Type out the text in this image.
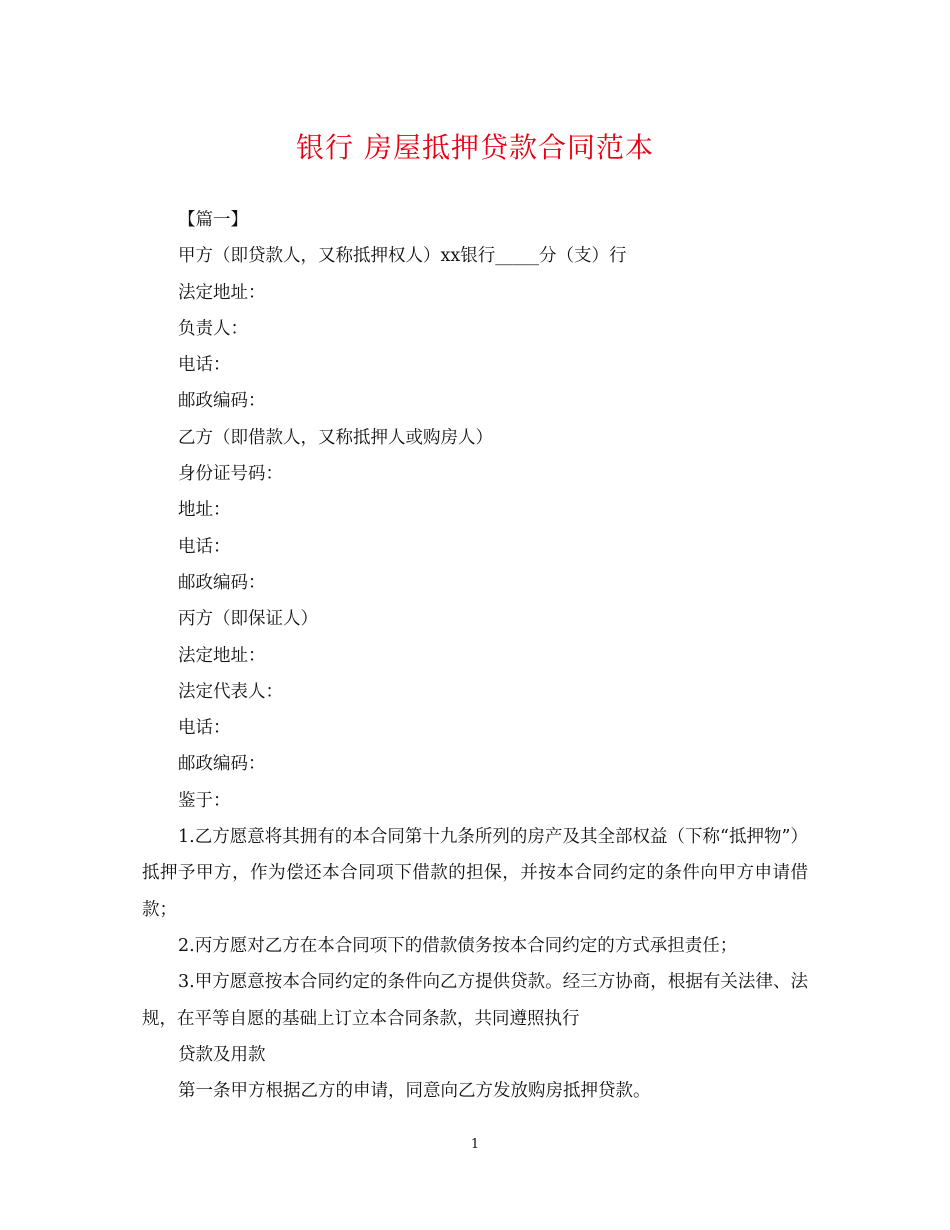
银行 房屋抵押贷款合同范本

【篇一】

甲方（即贷款人，又称抵押权人）xx银行_____分（支）行

法定地址：

负责人：

电话：

邮政编码：

乙方（即借款人，又称抵押人或购房人）

身份证号码：

地址：

电话：

邮政编码：

丙方（即保证人）

法定地址：

法定代表人：

电话：

邮政编码：

鉴于：

1.乙方愿意将其拥有的本合同第十九条所列的房产及其全部权益（下称“抵押物”）抵押予甲方，作为偿还本合同项下借款的担保，并按本合同约定的条件向甲方申请借款；

2.丙方愿对乙方在本合同项下的借款债务按本合同约定的方式承担责任；

3.甲方愿意按本合同约定的条件向乙方提供贷款。经三方协商，根据有关法律、法规，在平等自愿的基础上订立本合同条款，共同遵照执行

贷款及用款

第一条甲方根据乙方的申请，同意向乙方发放购房抵押贷款。

1
